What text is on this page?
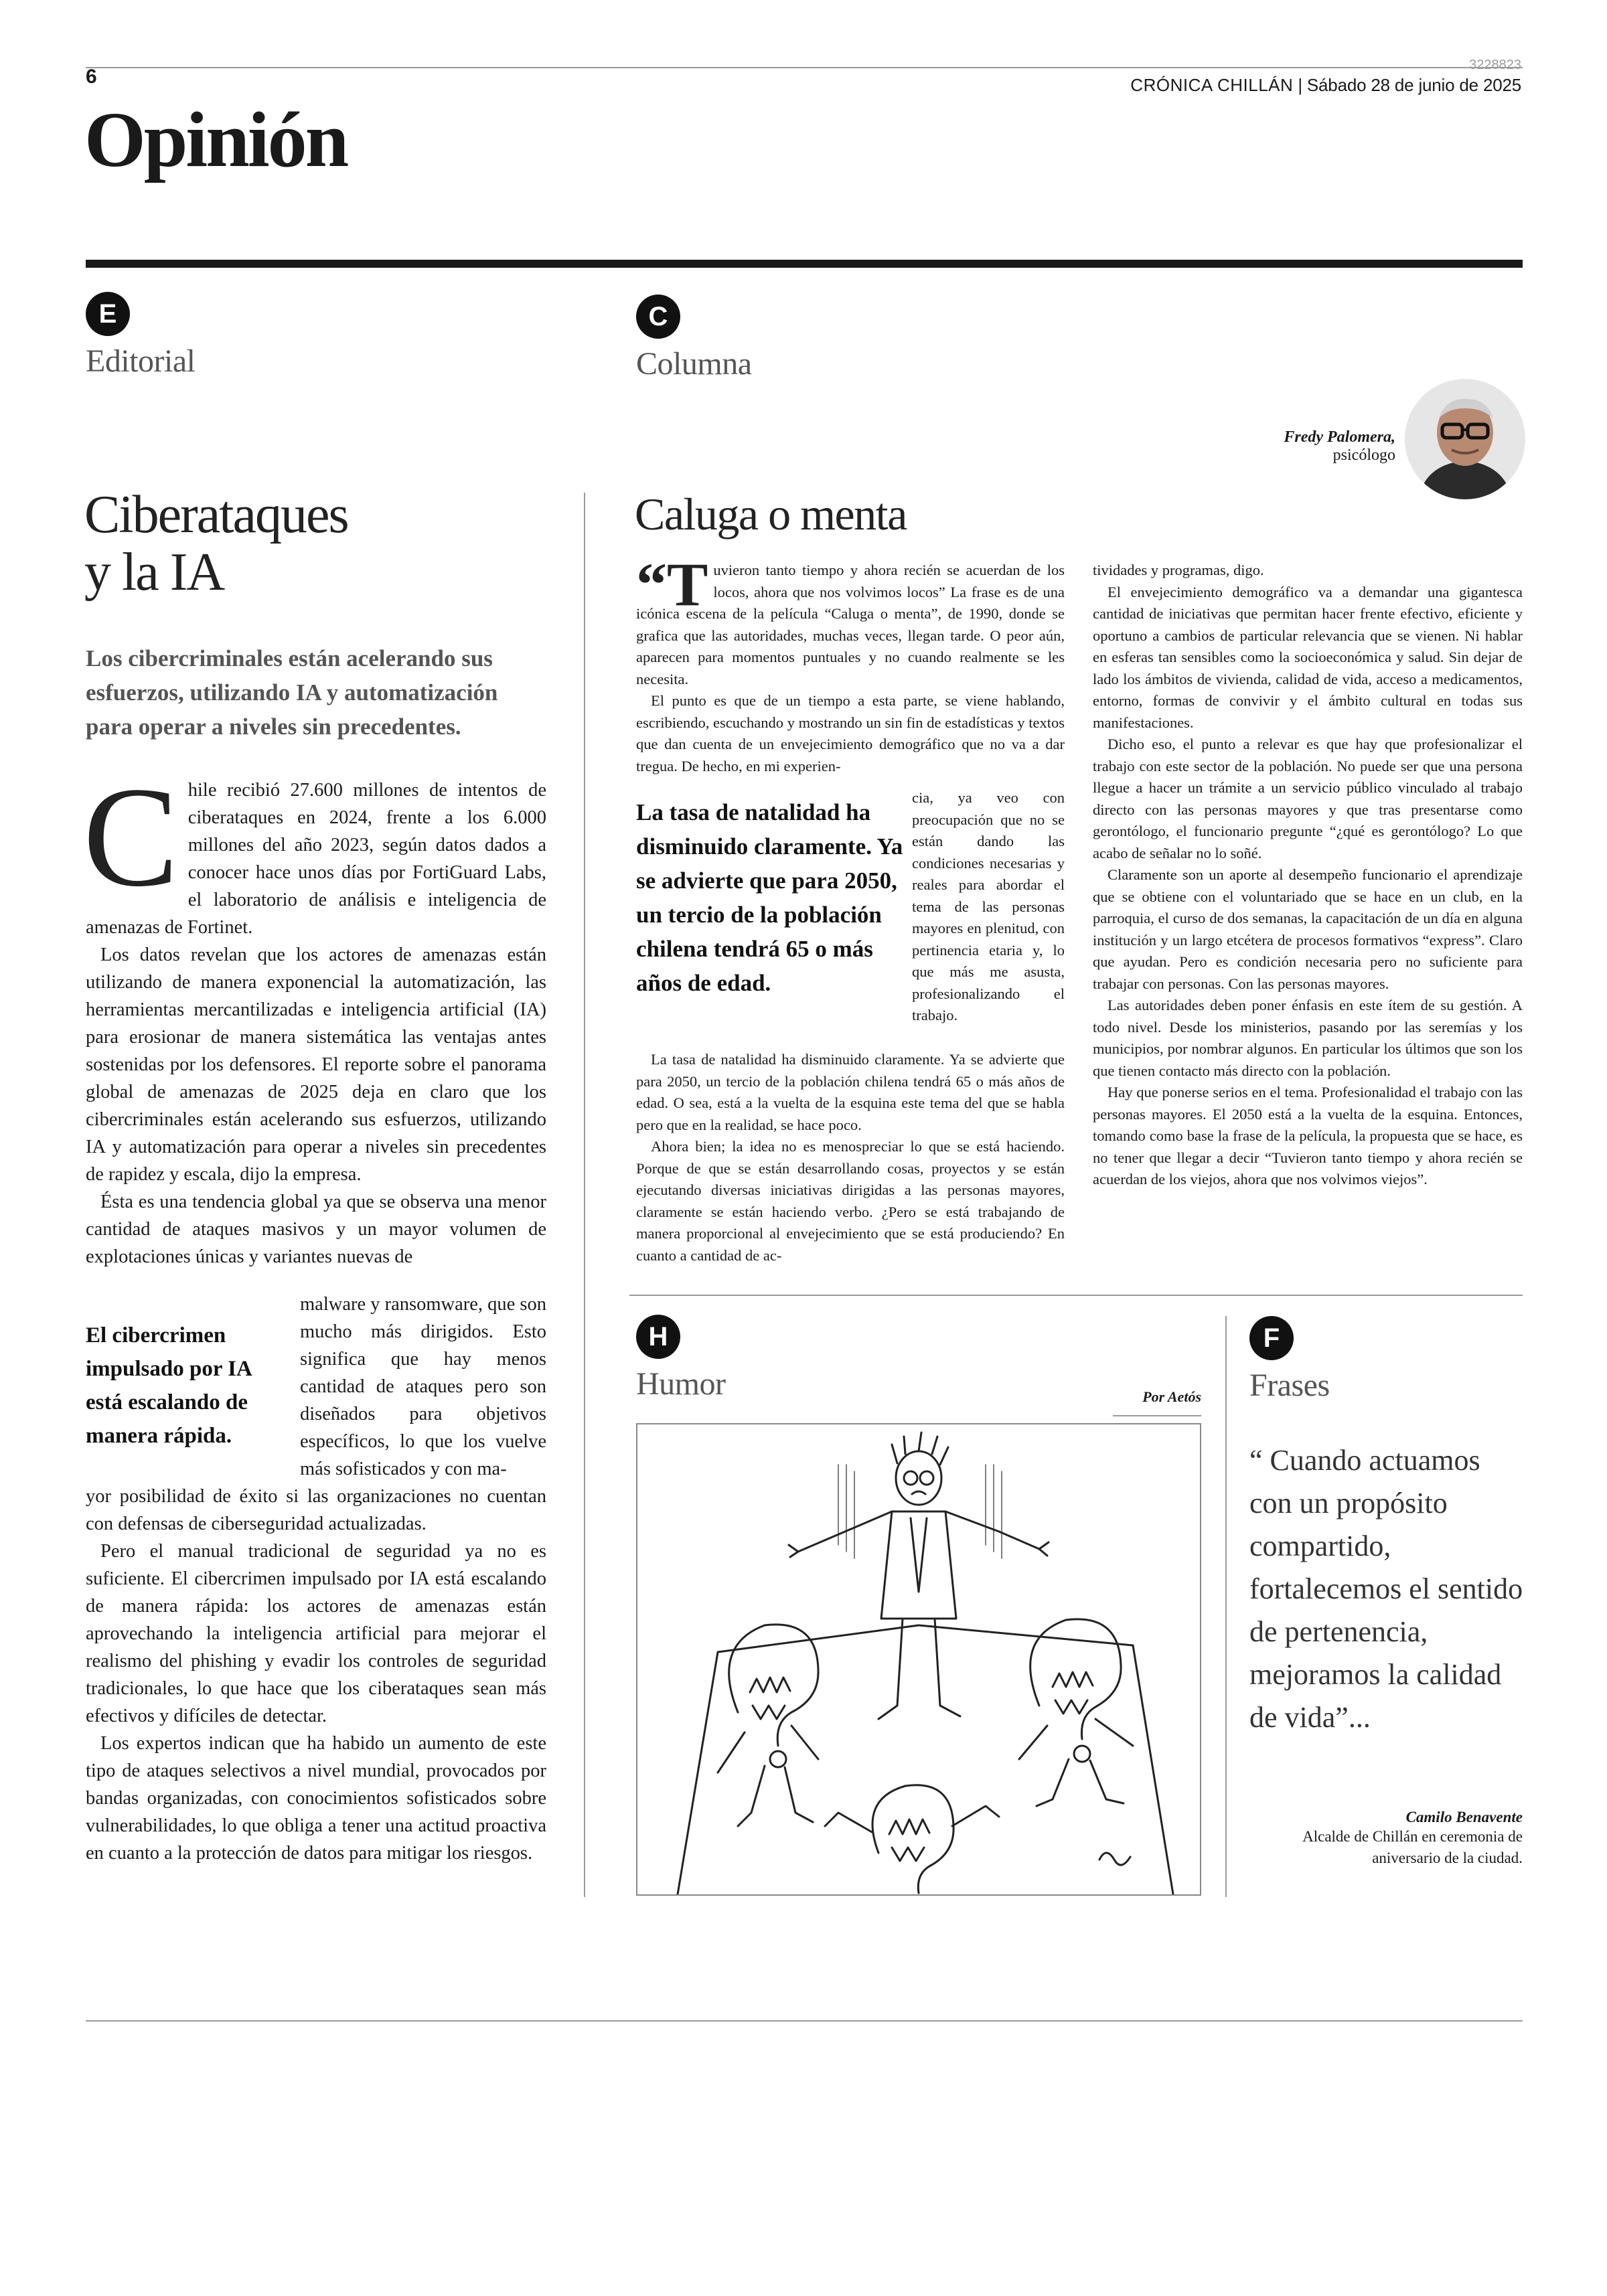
6
3228823
CRÓNICA CHILLÁN | Sábado 28 de junio de 2025
Opinión
E
Editorial
Ciberataques
y la IA
Los cibercriminales están acelerando sus esfuerzos, utilizando IA y automatización para operar a niveles sin precedentes.
C hile recibió 27.600 millones de intentos de ciberataques en 2024, frente a los 6.000 millones del año 2023, según datos dados a conocer hace unos días por FortiGuard Labs, el laboratorio de análisis e inteligencia de amenazas de Fortinet.

Los datos revelan que los actores de amenazas están utilizando de manera exponencial la automatización, las herramientas mercantilizadas e inteligencia artificial (IA) para erosionar de manera sistemática las ventajas antes sostenidas por los defensores. El reporte sobre el panorama global de amenazas de 2025 deja en claro que los cibercriminales están acelerando sus esfuerzos, utilizando IA y automatización para operar a niveles sin precedentes de rapidez y escala, dijo la empresa.

Ésta es una tendencia global ya que se observa una menor cantidad de ataques masivos y un mayor volumen de explotaciones únicas y variantes nuevas de

El cibercrimen impulsado por IA está escalando de manera rápida.

malware y ransomware, que son mucho más dirigidos. Esto significa que hay menos cantidad de ataques pero son diseñados para objetivos específicos, lo que los vuelve más sofisticados y con ma-

yor posibilidad de éxito si las organizaciones no cuentan con defensas de ciberseguridad actualizadas.

Pero el manual tradicional de seguridad ya no es suficiente. El cibercrimen impulsado por IA está escalando de manera rápida: los actores de amenazas están aprovechando la inteligencia artificial para mejorar el realismo del phishing y evadir los controles de seguridad tradicionales, lo que hace que los ciberataques sean más efectivos y difíciles de detectar.

Los expertos indican que ha habido un aumento de este tipo de ataques selectivos a nivel mundial, provocados por bandas organizadas, con conocimientos sofisticados sobre vulnerabilidades, lo que obliga a tener una actitud proactiva en cuanto a la protección de datos para mitigar los riesgos.

C
Columna
Fredy Palomera,
psicólogo
Caluga o menta
“T uvieron tanto tiempo y ahora recién se acuerdan de los locos, ahora que nos volvimos locos” La frase es de una icónica escena de la película “Caluga o menta”, de 1990, donde se grafica que las autoridades, muchas veces, llegan tarde. O peor aún, aparecen para momentos puntuales y no cuando realmente se les necesita.

El punto es que de un tiempo a esta parte, se viene hablando, escribiendo, escuchando y mostrando un sin fin de estadísticas y textos que dan cuenta de un envejecimiento demográfico que no va a dar tregua. De hecho, en mi experien-

La tasa de natalidad ha disminuido claramente. Ya se advierte que para 2050, un tercio de la población chilena tendrá 65 o más años de edad.

cia, ya veo con preocupación que no se están dando las condiciones necesarias y reales para abordar el tema de las personas mayores en plenitud, con pertinencia etaria y, lo que más me asusta, profesionalizando el trabajo.

La tasa de natalidad ha disminuido claramente. Ya se advierte que para 2050, un tercio de la población chilena tendrá 65 o más años de edad. O sea, está a la vuelta de la esquina este tema del que se habla pero que en la realidad, se hace poco.

Ahora bien; la idea no es menospreciar lo que se está haciendo. Porque de que se están desarrollando cosas, proyectos y se están ejecutando diversas iniciativas dirigidas a las personas mayores, claramente se están haciendo verbo. ¿Pero se está trabajando de manera proporcional al envejecimiento que se está produciendo? En cuanto a cantidad de ac-

tividades y programas, digo.

El envejecimiento demográfico va a demandar una gigantesca cantidad de iniciativas que permitan hacer frente efectivo, eficiente y oportuno a cambios de particular relevancia que se vienen. Ni hablar en esferas tan sensibles como la socioeconómica y salud. Sin dejar de lado los ámbitos de vivienda, calidad de vida, acceso a medicamentos, entorno, formas de convivir y el ámbito cultural en todas sus manifestaciones.

Dicho eso, el punto a relevar es que hay que profesionalizar el trabajo con este sector de la población. No puede ser que una persona llegue a hacer un trámite a un servicio público vinculado al trabajo directo con las personas mayores y que tras presentarse como gerontólogo, el funcionario pregunte “¿qué es gerontólogo? Lo que acabo de señalar no lo soñé.

Claramente son un aporte al desempeño funcionario el aprendizaje que se obtiene con el voluntariado que se hace en un club, en la parroquia, el curso de dos semanas, la capacitación de un día en alguna institución y un largo etcétera de procesos formativos “express”. Claro que ayudan. Pero es condición necesaria pero no suficiente para trabajar con personas. Con las personas mayores.

Las autoridades deben poner énfasis en este ítem de su gestión. A todo nivel. Desde los ministerios, pasando por las seremías y los municipios, por nombrar algunos. En particular los últimos que son los que tienen contacto más directo con la población.

Hay que ponerse serios en el tema. Profesionalidad el trabajo con las personas mayores. El 2050 está a la vuelta de la esquina. Entonces, tomando como base la frase de la película, la propuesta que se hace, es no tener que llegar a decir “Tuvieron tanto tiempo y ahora recién se acuerdan de los viejos, ahora que nos volvimos viejos”.

H
Humor	Por Aetós
F
Frases
“ Cuando actuamos con un propósito compartido, fortalecemos el sentido de pertenencia, mejoramos la calidad de vida”...
Camilo Benavente
Alcalde de Chillán en ceremonia de aniversario de la ciudad.
